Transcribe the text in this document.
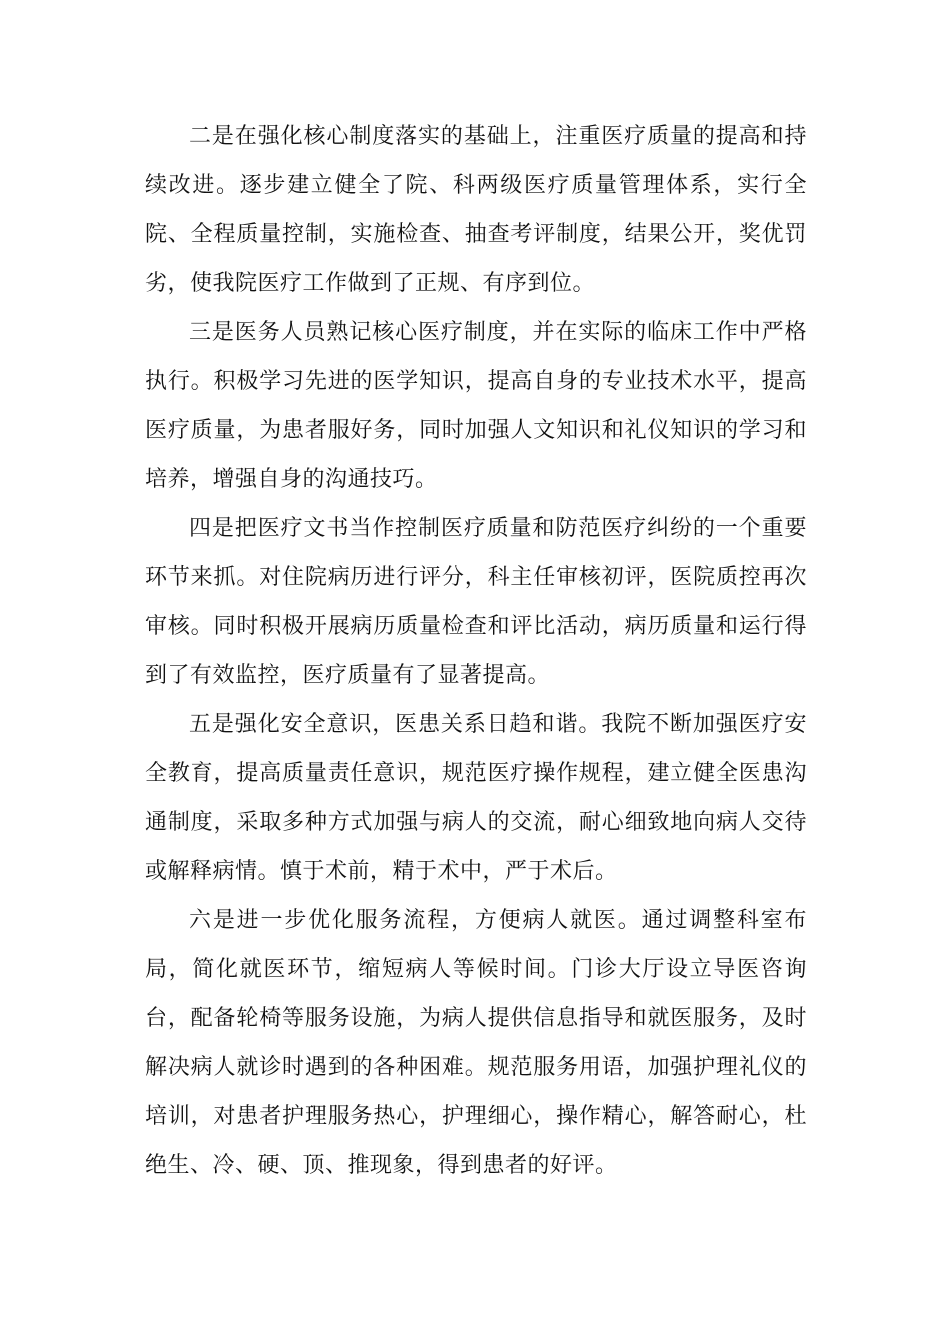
二是在强化核心制度落实的基础上，注重医疗质量的提高和持续改进。逐步建立健全了院、科两级医疗质量管理体系，实行全院、全程质量控制，实施检查、抽查考评制度，结果公开，奖优罚劣，使我院医疗工作做到了正规、有序到位。

三是医务人员熟记核心医疗制度，并在实际的临床工作中严格执行。积极学习先进的医学知识，提高自身的专业技术水平，提高医疗质量，为患者服好务，同时加强人文知识和礼仪知识的学习和培养，增强自身的沟通技巧。

四是把医疗文书当作控制医疗质量和防范医疗纠纷的一个重要环节来抓。对住院病历进行评分，科主任审核初评，医院质控再次审核。同时积极开展病历质量检查和评比活动，病历质量和运行得到了有效监控，医疗质量有了显著提高。

五是强化安全意识，医患关系日趋和谐。我院不断加强医疗安全教育，提高质量责任意识，规范医疗操作规程，建立健全医患沟通制度，采取多种方式加强与病人的交流，耐心细致地向病人交待或解释病情。慎于术前，精于术中，严于术后。

六是进一步优化服务流程，方便病人就医。通过调整科室布局，简化就医环节，缩短病人等候时间。门诊大厅设立导医咨询台，配备轮椅等服务设施，为病人提供信息指导和就医服务，及时解决病人就诊时遇到的各种困难。规范服务用语，加强护理礼仪的培训，对患者护理服务热心，护理细心，操作精心，解答耐心，杜绝生、冷、硬、顶、推现象，得到患者的好评。
